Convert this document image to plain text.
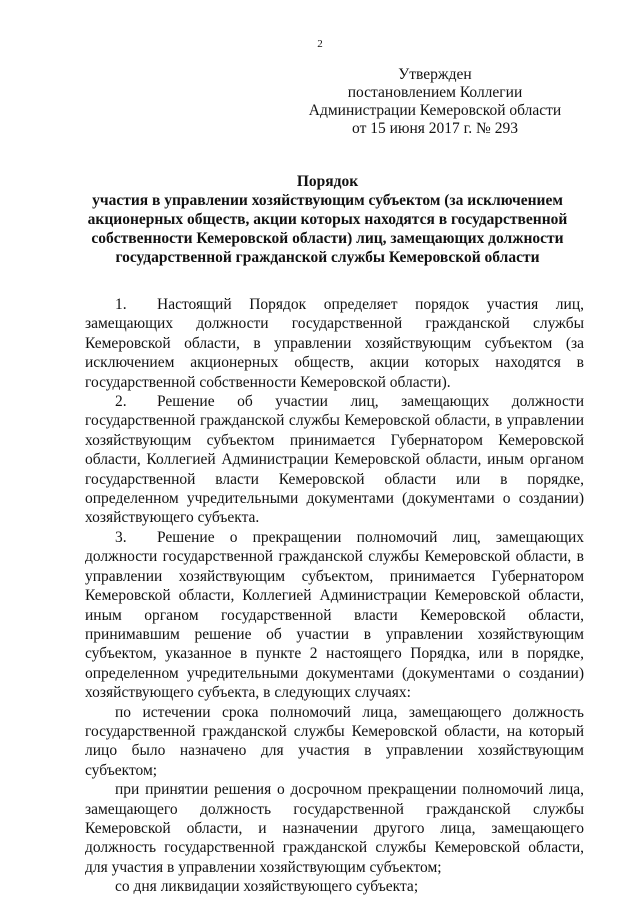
2
Утвержден
постановлением Коллегии
Администрации Кемеровской области
от 15 июня 2017 г. № 293
Порядок
участия в управлении хозяйствующим субъектом (за исключением акционерных обществ, акции которых находятся в государственной собственности Кемеровской области) лиц, замещающих должности государственной гражданской службы Кемеровской области

1. Настоящий Порядок определяет порядок участия лиц, замещающих должности государственной гражданской службы Кемеровской области, в управлении хозяйствующим субъектом (за исключением акционерных обществ, акции которых находятся в государственной собственности Кемеровской области).

2. Решение об участии лиц, замещающих должности государственной гражданской службы Кемеровской области, в управлении хозяйствующим субъектом принимается Губернатором Кемеровской области, Коллегией Администрации Кемеровской области, иным органом государственной власти Кемеровской области или в порядке, определенном учредительными документами (документами о создании) хозяйствующего субъекта.

3. Решение о прекращении полномочий лиц, замещающих должности государственной гражданской службы Кемеровской области, в управлении хозяйствующим субъектом, принимается Губернатором Кемеровской области, Коллегией Администрации Кемеровской области, иным органом государственной власти Кемеровской области, принимавшим решение об участии в управлении хозяйствующим субъектом, указанное в пункте 2 настоящего Порядка, или в порядке, определенном учредительными документами (документами о создании) хозяйствующего субъекта, в следующих случаях:

по истечении срока полномочий лица, замещающего должность государственной гражданской службы Кемеровской области, на который лицо было назначено для участия в управлении хозяйствующим субъектом;

при принятии решения о досрочном прекращении полномочий лица, замещающего должность государственной гражданской службы Кемеровской области, и назначении другого лица, замещающего должность государственной гражданской службы Кемеровской области, для участия в управлении хозяйствующим субъектом;

со дня ликвидации хозяйствующего субъекта;
